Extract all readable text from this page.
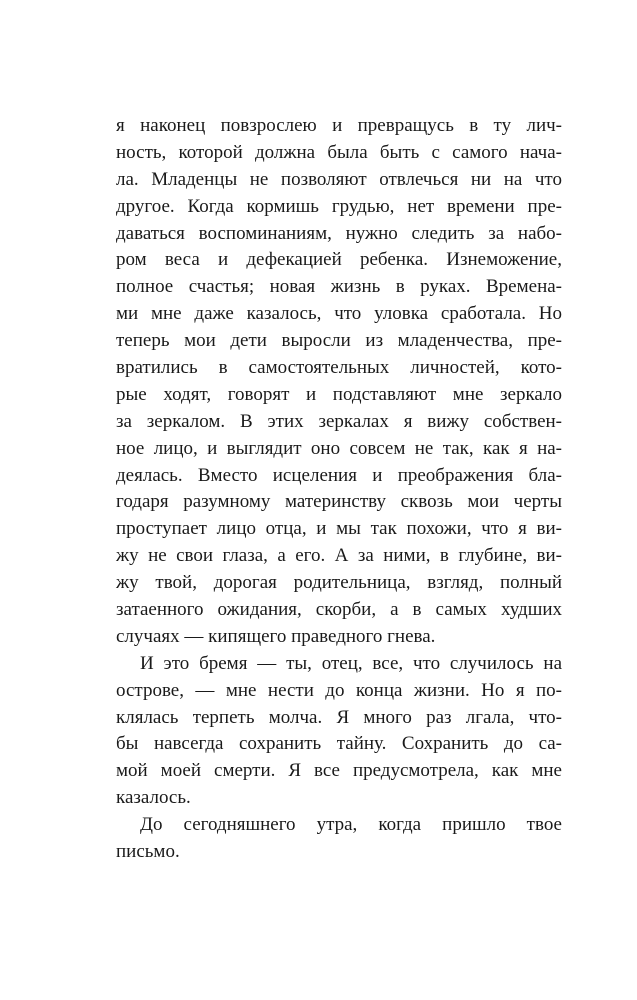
я наконец повзрослею и превращусь в ту лич-
ность, которой должна была быть с самого нача-
ла. Младенцы не позволяют отвлечься ни на что
другое. Когда кормишь грудью, нет времени пре-
даваться воспоминаниям, нужно следить за набо-
ром веса и дефекацией ребенка. Изнеможение,
полное счастья; новая жизнь в руках. Времена-
ми мне даже казалось, что уловка сработала. Но
теперь мои дети выросли из младенчества, пре-
вратились в самостоятельных личностей, кото-
рые ходят, говорят и подставляют мне зеркало
за зеркалом. В этих зеркалах я вижу собствен-
ное лицо, и выглядит оно совсем не так, как я на-
деялась. Вместо исцеления и преображения бла-
годаря разумному материнству сквозь мои черты
проступает лицо отца, и мы так похожи, что я ви-
жу не свои глаза, а его. А за ними, в глубине, ви-
жу твой, дорогая родительница, взгляд, полный
затаенного ожидания, скорби, а в самых худших
случаях — кипящего праведного гнева.
И это бремя — ты, отец, все, что случилось на
острове, — мне нести до конца жизни. Но я по-
клялась терпеть молча. Я много раз лгала, что-
бы навсегда сохранить тайну. Сохранить до са-
мой моей смерти. Я все предусмотрела, как мне
казалось.
До сегодняшнего утра, когда пришло твое
письмо.
